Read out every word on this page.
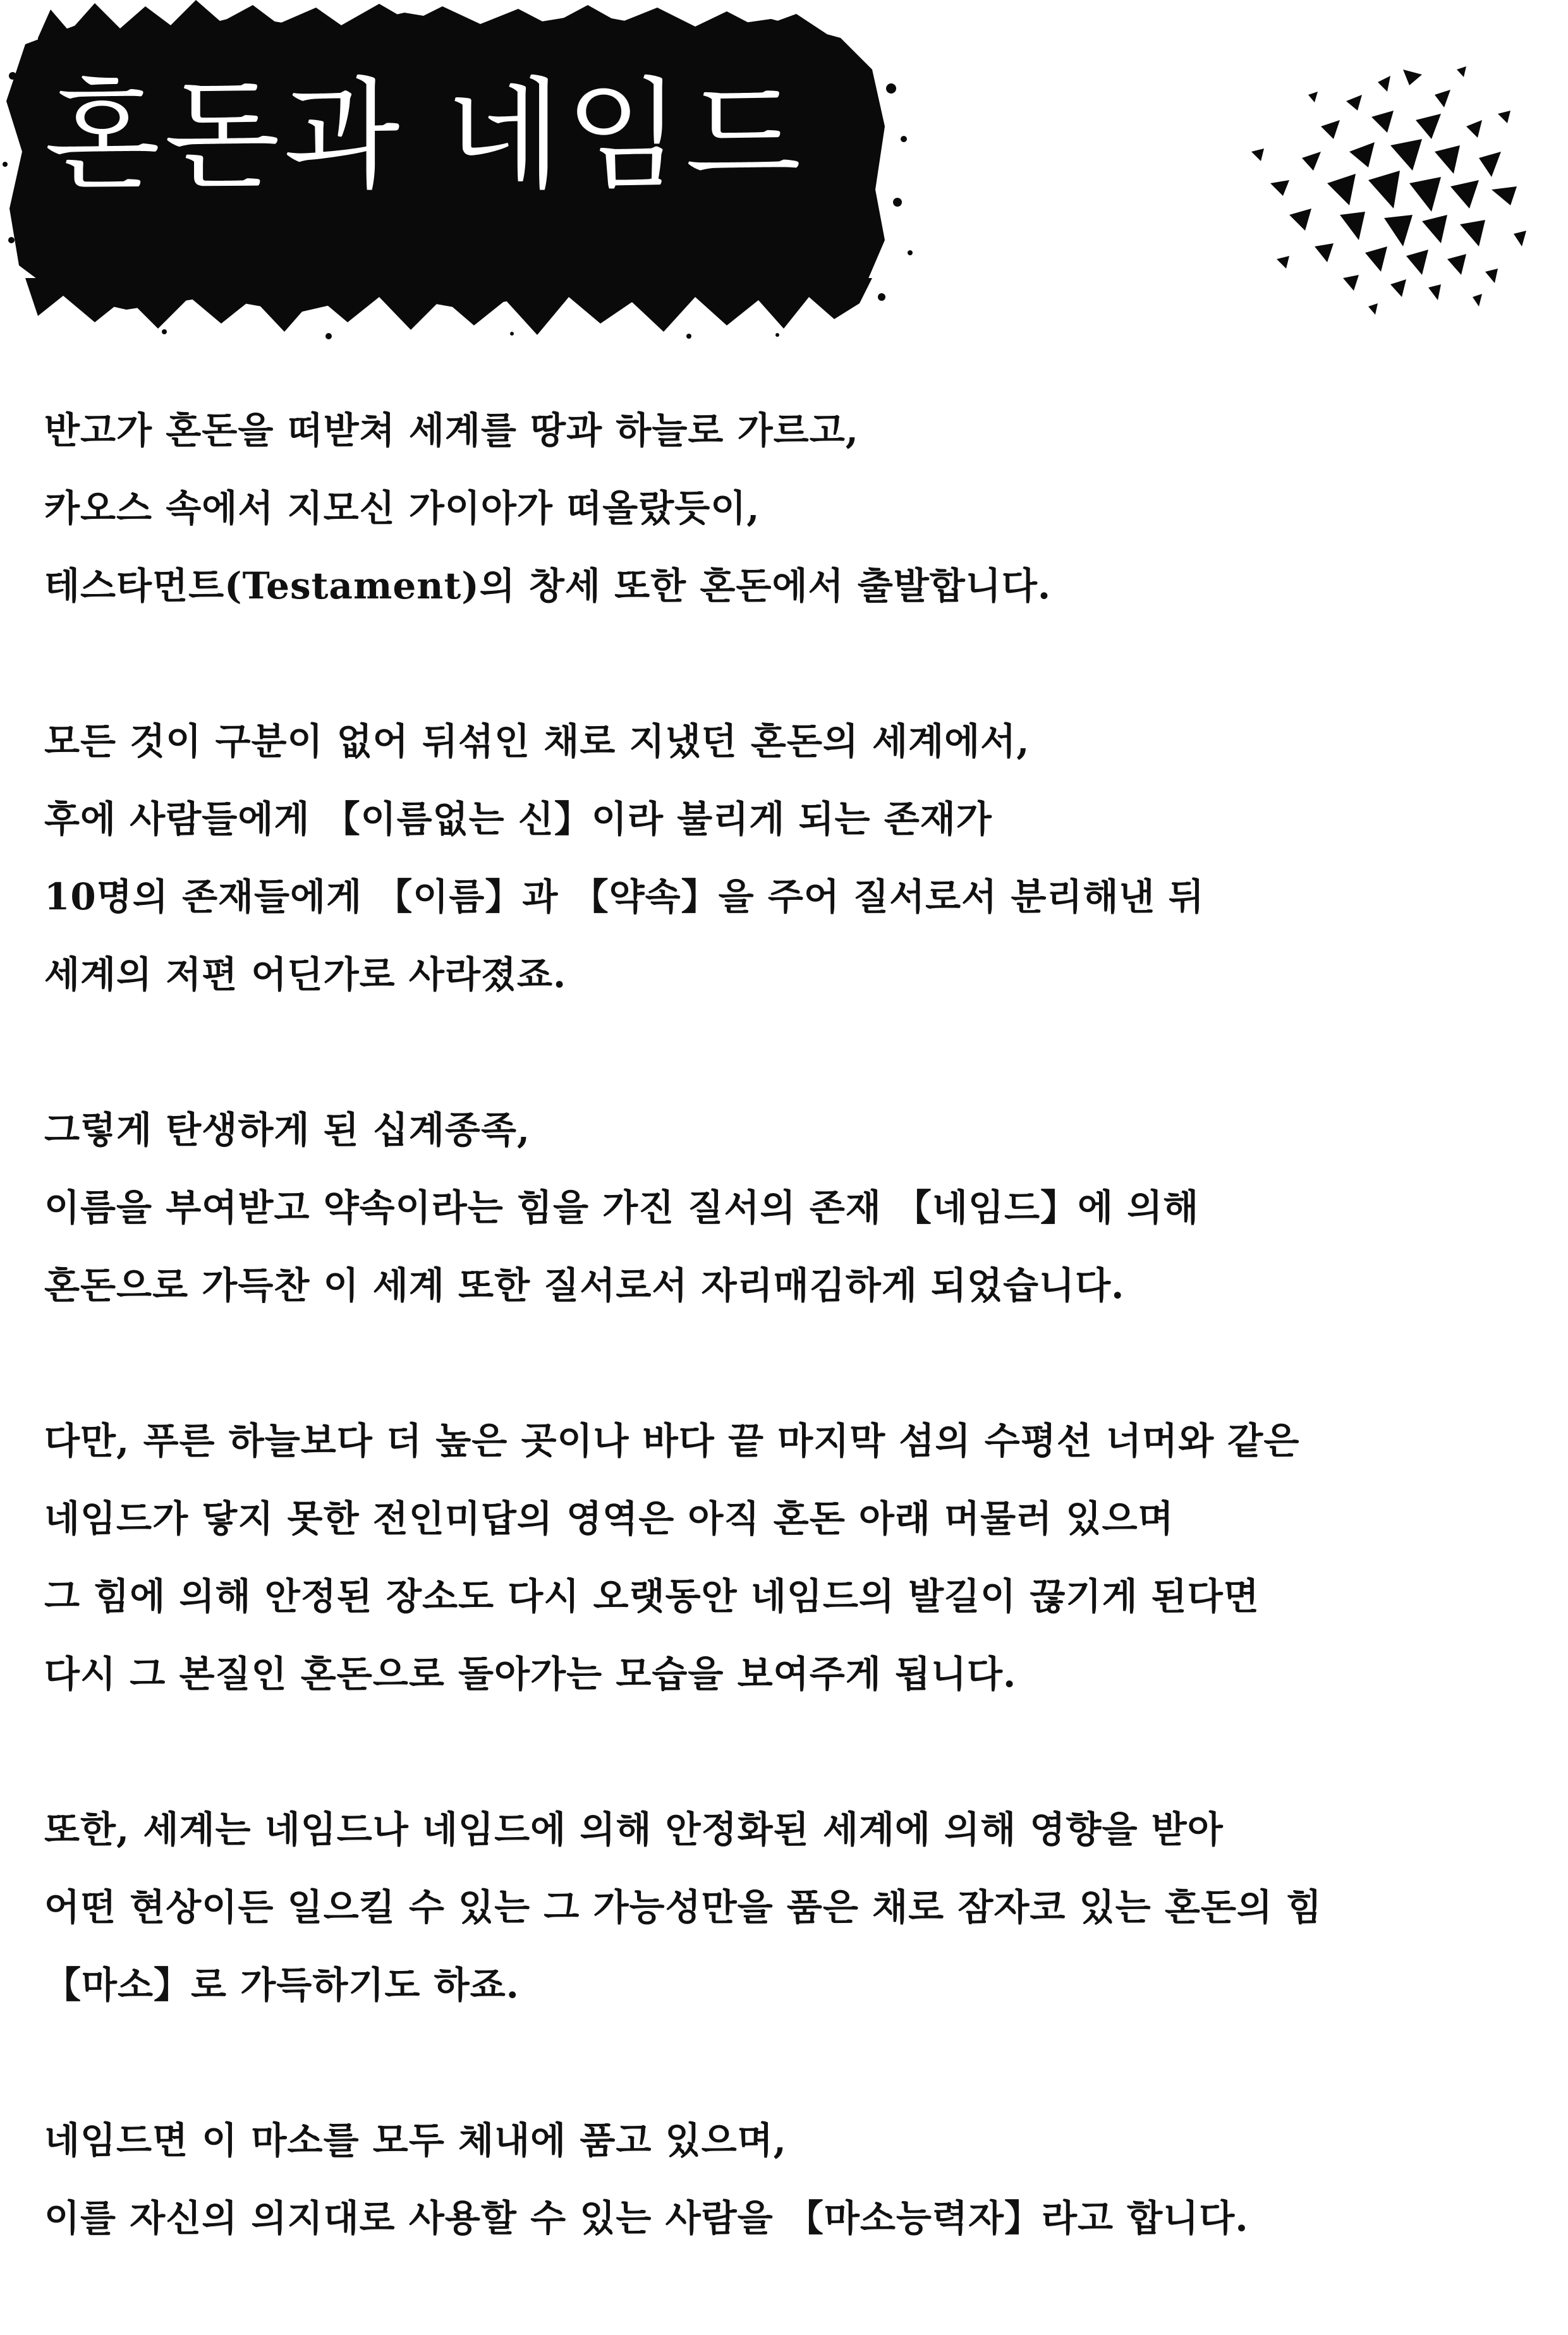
혼돈과 네임드
반고가 혼돈을 떠받쳐 세계를 땅과 하늘로 가르고,
카오스 속에서 지모신 가이아가 떠올랐듯이,
테스타먼트(Testament)의 창세 또한 혼돈에서 출발합니다.
모든 것이 구분이 없어 뒤섞인 채로 지냈던 혼돈의 세계에서,
후에 사람들에게 【이름없는 신】이라 불리게 되는 존재가
10명의 존재들에게 【이름】과 【약속】을 주어 질서로서 분리해낸 뒤
세계의 저편 어딘가로 사라졌죠.
그렇게 탄생하게 된 십계종족,
이름을 부여받고 약속이라는 힘을 가진 질서의 존재 【네임드】에 의해
혼돈으로 가득찬 이 세계 또한 질서로서 자리매김하게 되었습니다.
다만, 푸른 하늘보다 더 높은 곳이나 바다 끝 마지막 섬의 수평선 너머와 같은
네임드가 닿지 못한 전인미답의 영역은 아직 혼돈 아래 머물러 있으며
그 힘에 의해 안정된 장소도 다시 오랫동안 네임드의 발길이 끊기게 된다면
다시 그 본질인 혼돈으로 돌아가는 모습을 보여주게 됩니다.
또한, 세계는 네임드나 네임드에 의해 안정화된 세계에 의해 영향을 받아
어떤 현상이든 일으킬 수 있는 그 가능성만을 품은 채로 잠자코 있는 혼돈의 힘
【마소】로 가득하기도 하죠.
네임드면 이 마소를 모두 체내에 품고 있으며,
이를 자신의 의지대로 사용할 수 있는 사람을 【마소능력자】라고 합니다.
